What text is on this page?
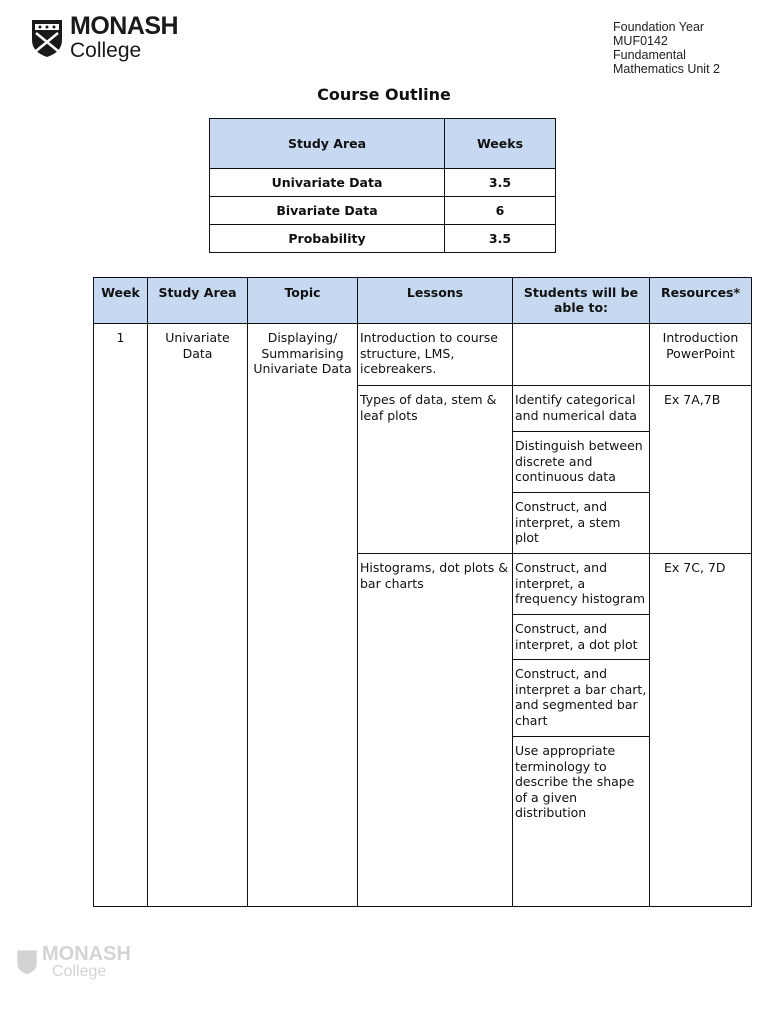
MONASH
College
Foundation Year
MUF0142
Fundamental
Mathematics Unit 2
Course Outline
Study Area	Weeks
Univariate Data	3.5
Bivariate Data	6
Probability	3.5
Week	Study Area	Topic	Lessons	Students will be able to:	Resources*
1	Univariate Data	Displaying/ Summarising Univariate Data	Introduction to course structure, LMS, icebreakers.		Introduction PowerPoint
			Types of data, stem & leaf plots	Identify categorical and numerical data	Ex 7A,7B
				Distinguish between discrete and continuous data	
				Construct, and interpret, a stem plot	
			Histograms, dot plots & bar charts	Construct, and interpret, a frequency histogram	Ex 7C, 7D
				Construct, and interpret, a dot plot	
				Construct, and interpret a bar chart, and segmented bar chart	
				Use appropriate terminology to describe the shape of a given distribution	

MONASH
College
